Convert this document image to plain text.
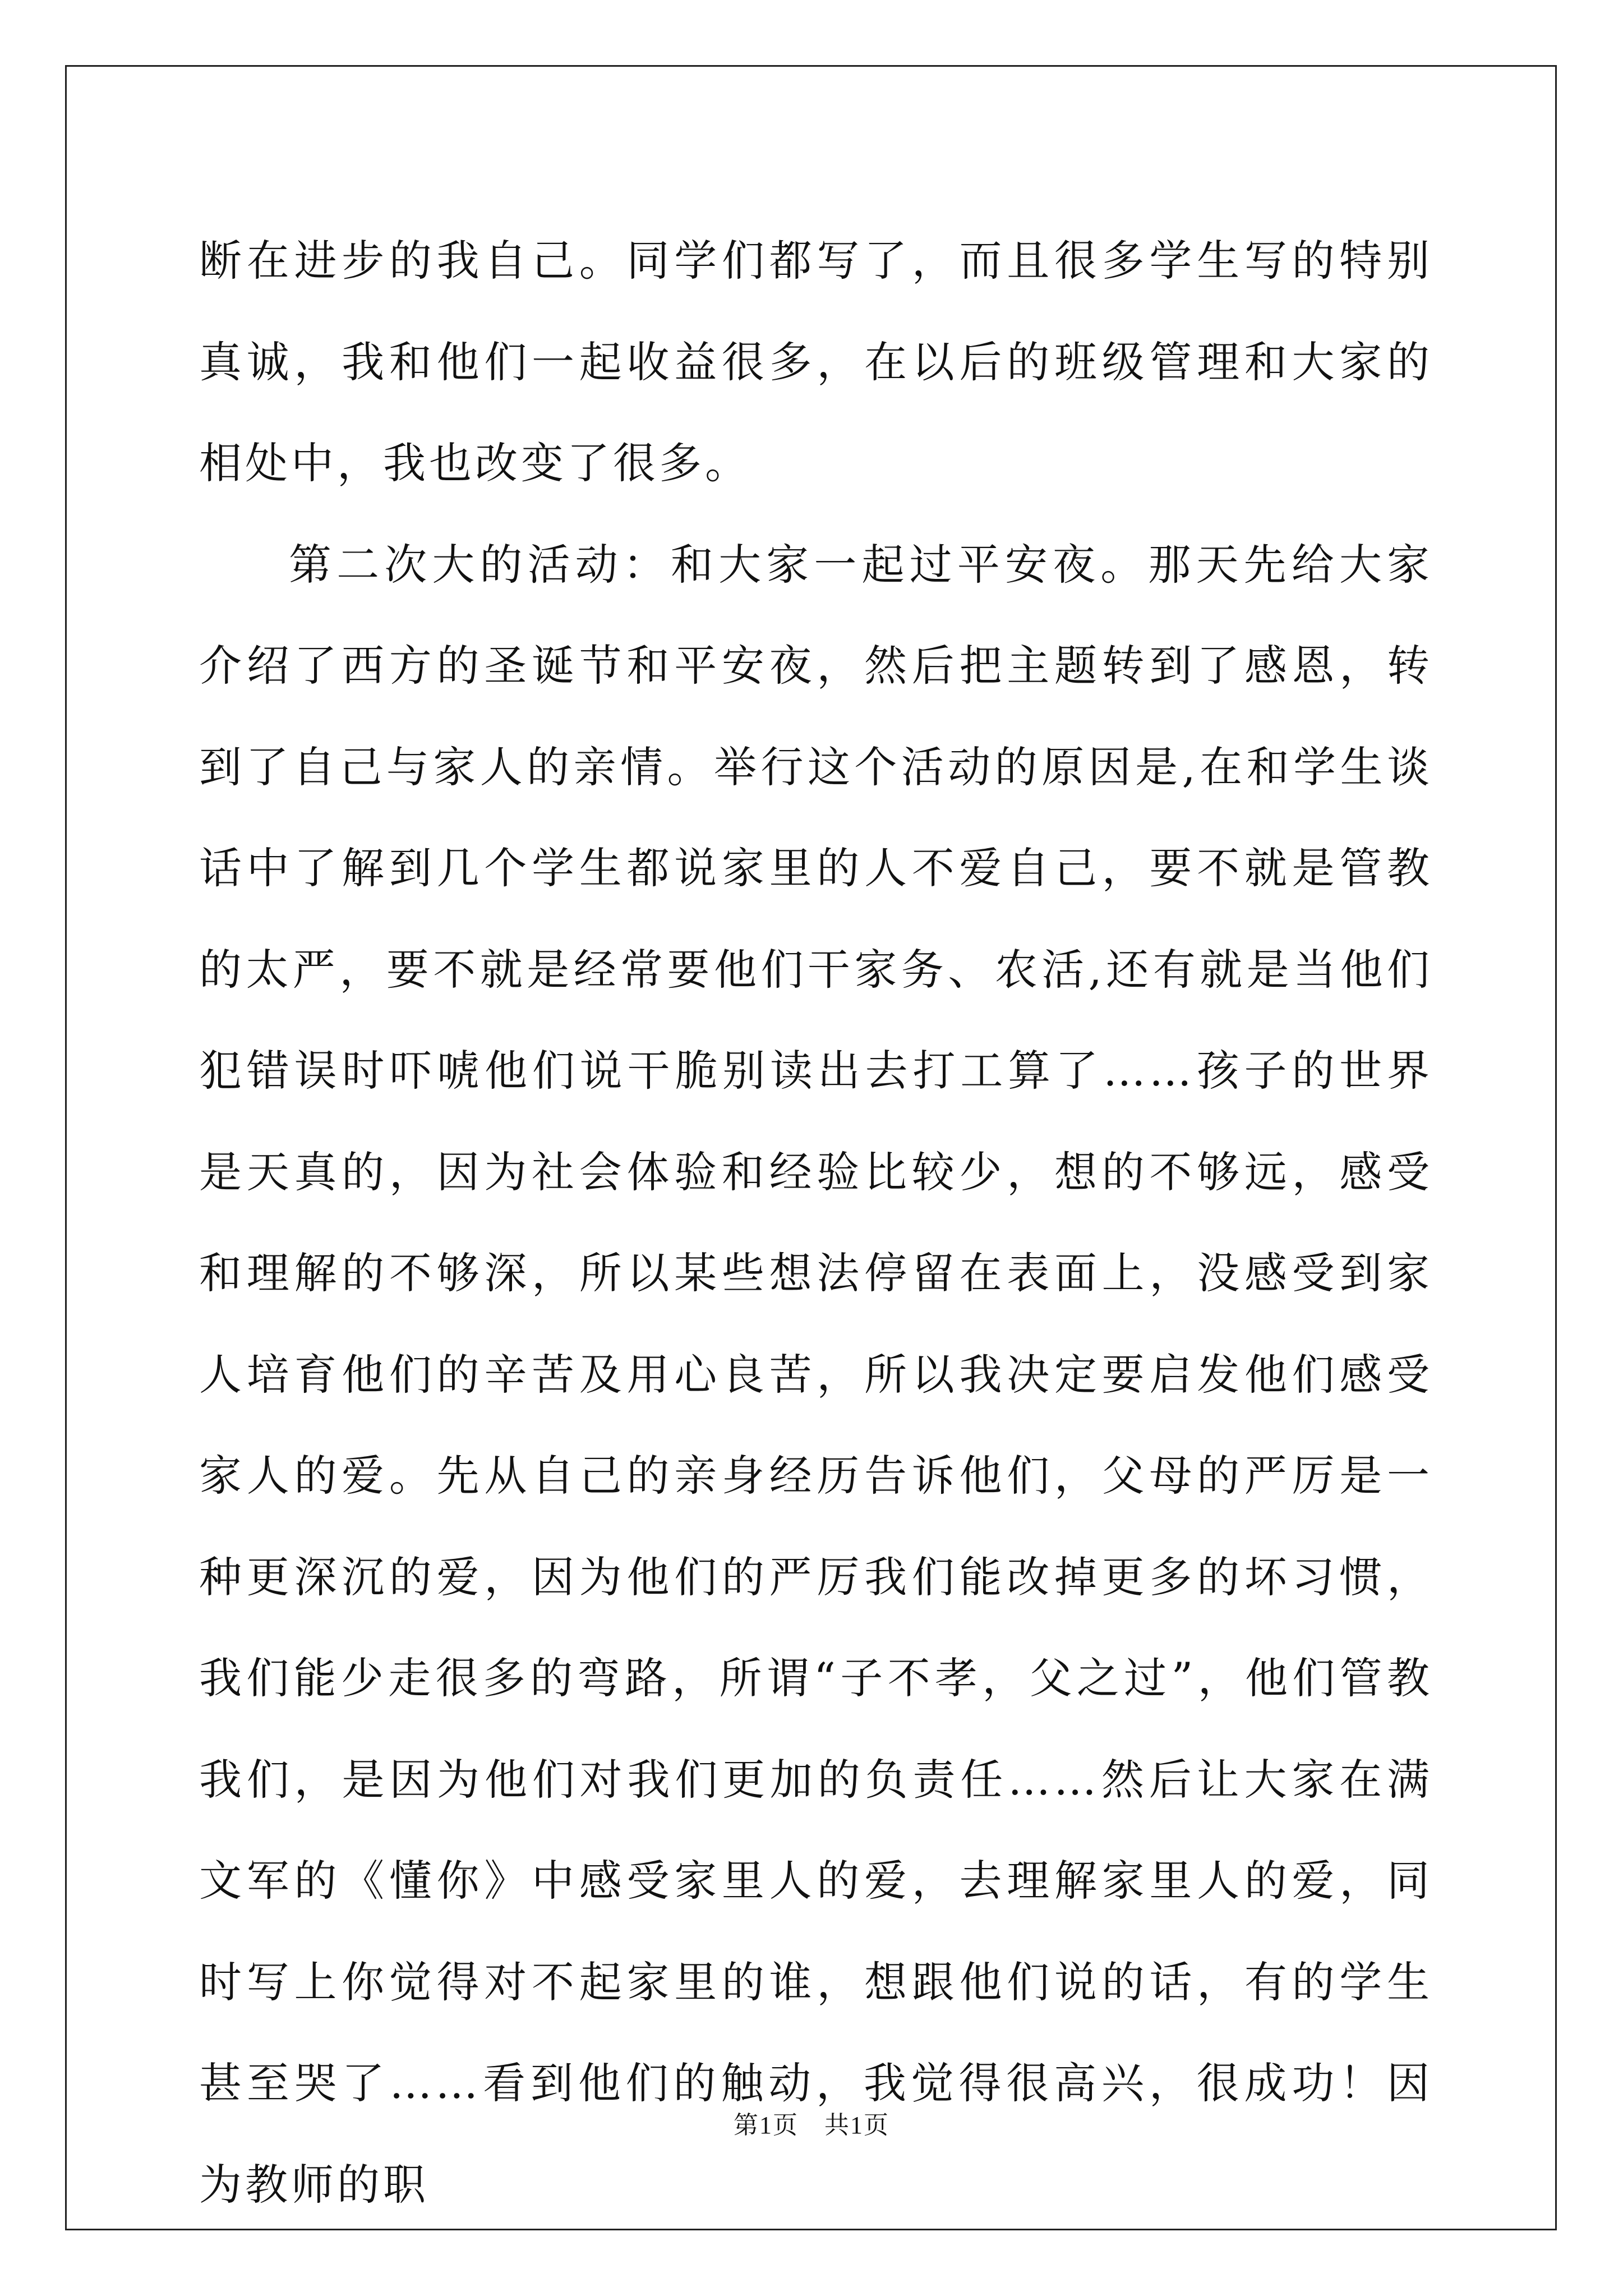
断在进步的我自己。同学们都写了，而且很多学生写的特别真诚，我和他们一起收益很多，在以后的班级管理和大家的相处中，我也改变了很多。

第二次大的活动：和大家一起过平安夜。那天先给大家介绍了西方的圣诞节和平安夜，然后把主题转到了感恩，转到了自己与家人的亲情。举行这个活动的原因是,在和学生谈话中了解到几个学生都说家里的人不爱自己，要不就是管教的太严，要不就是经常要他们干家务、农活,还有就是当他们犯错误时吓唬他们说干脆别读出去打工算了……孩子的世界是天真的，因为社会体验和经验比较少，想的不够远，感受和理解的不够深，所以某些想法停留在表面上，没感受到家人培育他们的辛苦及用心良苦，所以我决定要启发他们感受家人的爱。先从自己的亲身经历告诉他们，父母的严厉是一种更深沉的爱，因为他们的严厉我们能改掉更多的坏习惯，我们能少走很多的弯路，所谓“子不孝，父之过”，他们管教我们，是因为他们对我们更加的负责任……然后让大家在满文军的《懂你》中感受家里人的爱，去理解家里人的爱，同时写上你觉得对不起家里的谁，想跟他们说的话，有的学生甚至哭了……看到他们的触动，我觉得很高兴，很成功！因为教师的职

第1页　共1页
